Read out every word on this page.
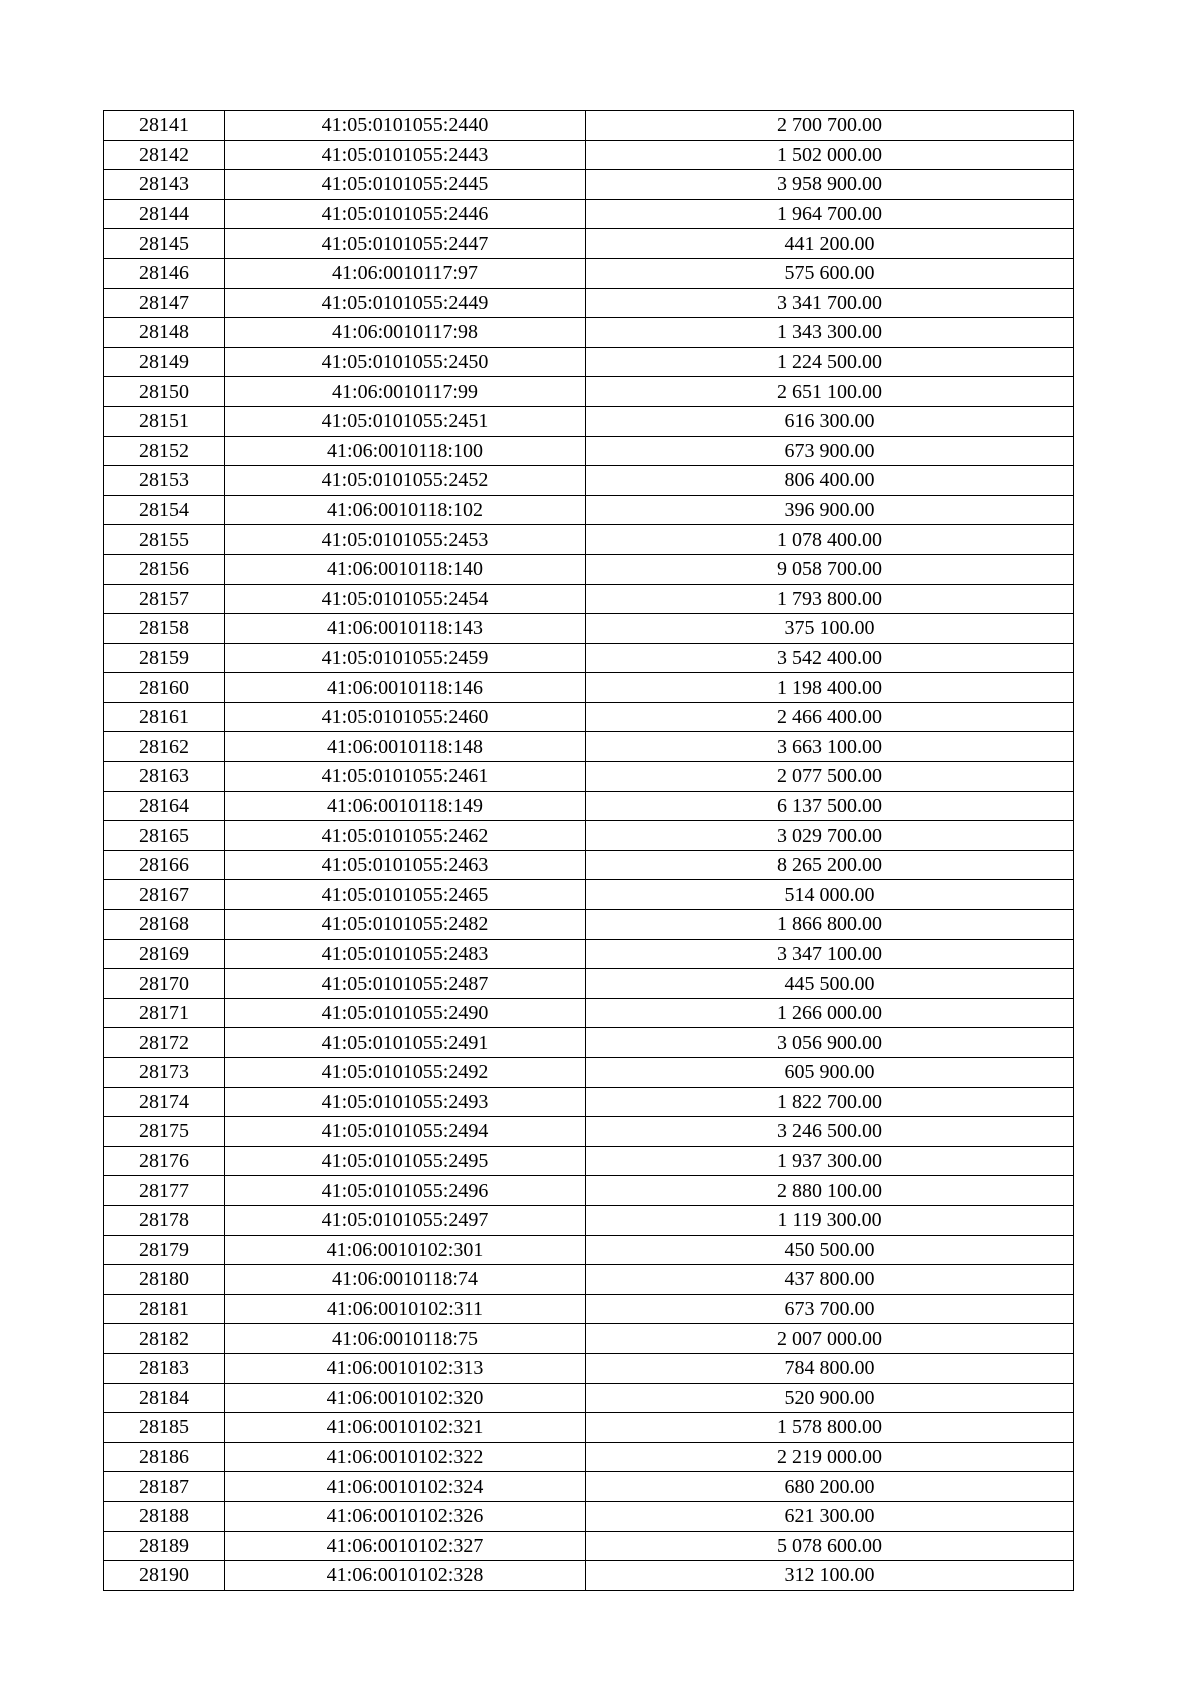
28141	41:05:0101055:2440	2 700 700.00
28142	41:05:0101055:2443	1 502 000.00
28143	41:05:0101055:2445	3 958 900.00
28144	41:05:0101055:2446	1 964 700.00
28145	41:05:0101055:2447	441 200.00
28146	41:06:0010117:97	575 600.00
28147	41:05:0101055:2449	3 341 700.00
28148	41:06:0010117:98	1 343 300.00
28149	41:05:0101055:2450	1 224 500.00
28150	41:06:0010117:99	2 651 100.00
28151	41:05:0101055:2451	616 300.00
28152	41:06:0010118:100	673 900.00
28153	41:05:0101055:2452	806 400.00
28154	41:06:0010118:102	396 900.00
28155	41:05:0101055:2453	1 078 400.00
28156	41:06:0010118:140	9 058 700.00
28157	41:05:0101055:2454	1 793 800.00
28158	41:06:0010118:143	375 100.00
28159	41:05:0101055:2459	3 542 400.00
28160	41:06:0010118:146	1 198 400.00
28161	41:05:0101055:2460	2 466 400.00
28162	41:06:0010118:148	3 663 100.00
28163	41:05:0101055:2461	2 077 500.00
28164	41:06:0010118:149	6 137 500.00
28165	41:05:0101055:2462	3 029 700.00
28166	41:05:0101055:2463	8 265 200.00
28167	41:05:0101055:2465	514 000.00
28168	41:05:0101055:2482	1 866 800.00
28169	41:05:0101055:2483	3 347 100.00
28170	41:05:0101055:2487	445 500.00
28171	41:05:0101055:2490	1 266 000.00
28172	41:05:0101055:2491	3 056 900.00
28173	41:05:0101055:2492	605 900.00
28174	41:05:0101055:2493	1 822 700.00
28175	41:05:0101055:2494	3 246 500.00
28176	41:05:0101055:2495	1 937 300.00
28177	41:05:0101055:2496	2 880 100.00
28178	41:05:0101055:2497	1 119 300.00
28179	41:06:0010102:301	450 500.00
28180	41:06:0010118:74	437 800.00
28181	41:06:0010102:311	673 700.00
28182	41:06:0010118:75	2 007 000.00
28183	41:06:0010102:313	784 800.00
28184	41:06:0010102:320	520 900.00
28185	41:06:0010102:321	1 578 800.00
28186	41:06:0010102:322	2 219 000.00
28187	41:06:0010102:324	680 200.00
28188	41:06:0010102:326	621 300.00
28189	41:06:0010102:327	5 078 600.00
28190	41:06:0010102:328	312 100.00
